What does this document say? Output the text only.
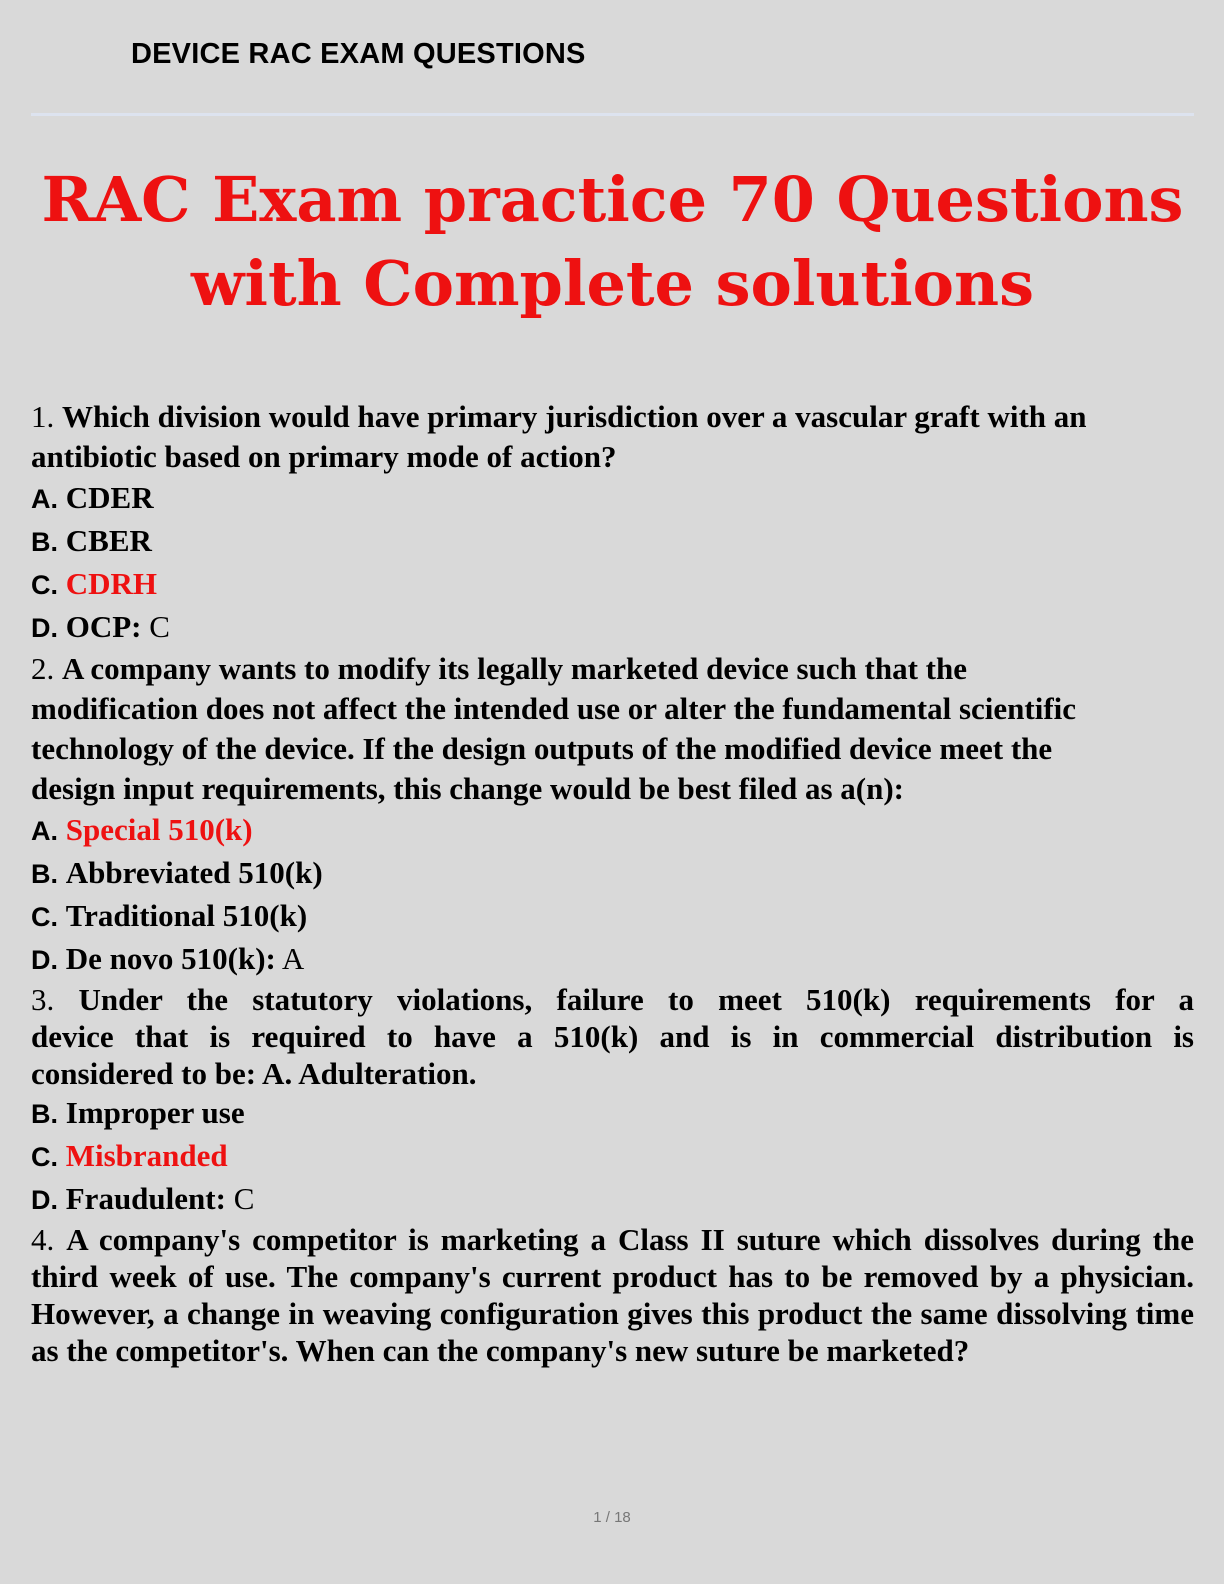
DEVICE RAC EXAM QUESTIONS
RAC Exam practice 70 Questions
with Complete solutions
1. Which division would have primary jurisdiction over a vascular graft with an
antibiotic based on primary mode of action?
A. CDER
B. CBER
C. CDRH
D. OCP: C
2. A company wants to modify its legally marketed device such that the
modification does not affect the intended use or alter the fundamental scientific
technology of the device. If the design outputs of the modified device meet the
design input requirements, this change would be best filed as a(n):
A. Special 510(k)
B. Abbreviated 510(k)
C. Traditional 510(k)
D. De novo 510(k): A
3. Under the statutory violations, failure to meet 510(k) requirements for a
device that is required to have a 510(k) and is in commercial distribution is
considered to be: A. Adulteration.
B. Improper use
C. Misbranded
D. Fraudulent: C
4. A company's competitor is marketing a Class II suture which dissolves during the third week of use. The company's current product has to be removed by a physician. However, a change in weaving configuration gives this product the same dissolving time as the competitor's. When can the company's new suture be marketed?
1 / 18
